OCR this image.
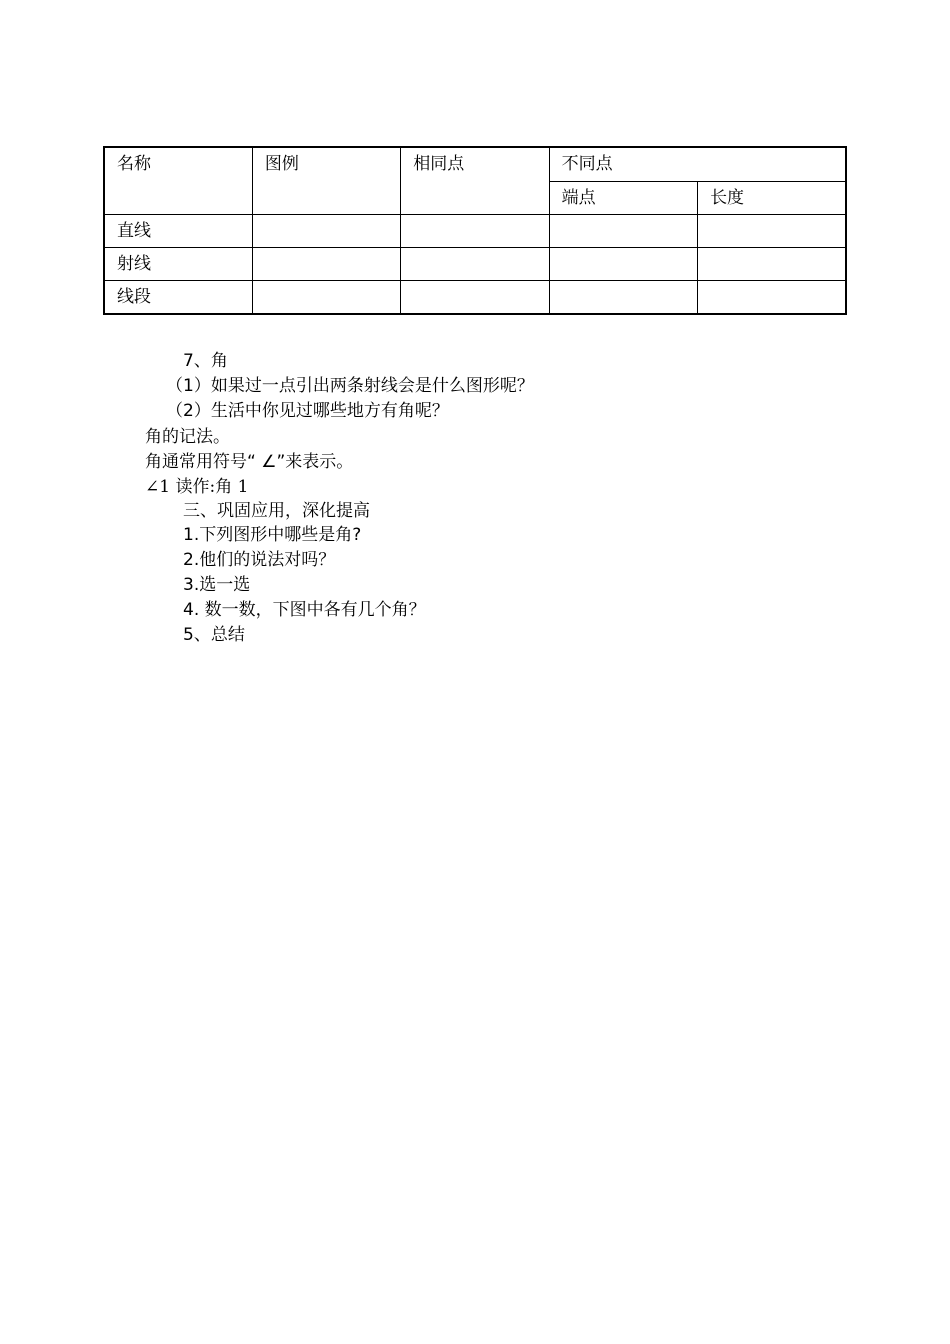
名称	图例	相同点	不同点	
			端点	长度
直线				
射线				
线段				
7、角
（1）如果过一点引出两条射线会是什么图形呢？
（2）生活中你见过哪些地方有角呢？
角的记法。
角通常用符号“ ∠”来表示。
∠1 读作:角 1
三、巩固应用，深化提高
1.下列图形中哪些是角?
2.他们的说法对吗？
3.选一选
4. 数一数，下图中各有几个角？
5、总结
